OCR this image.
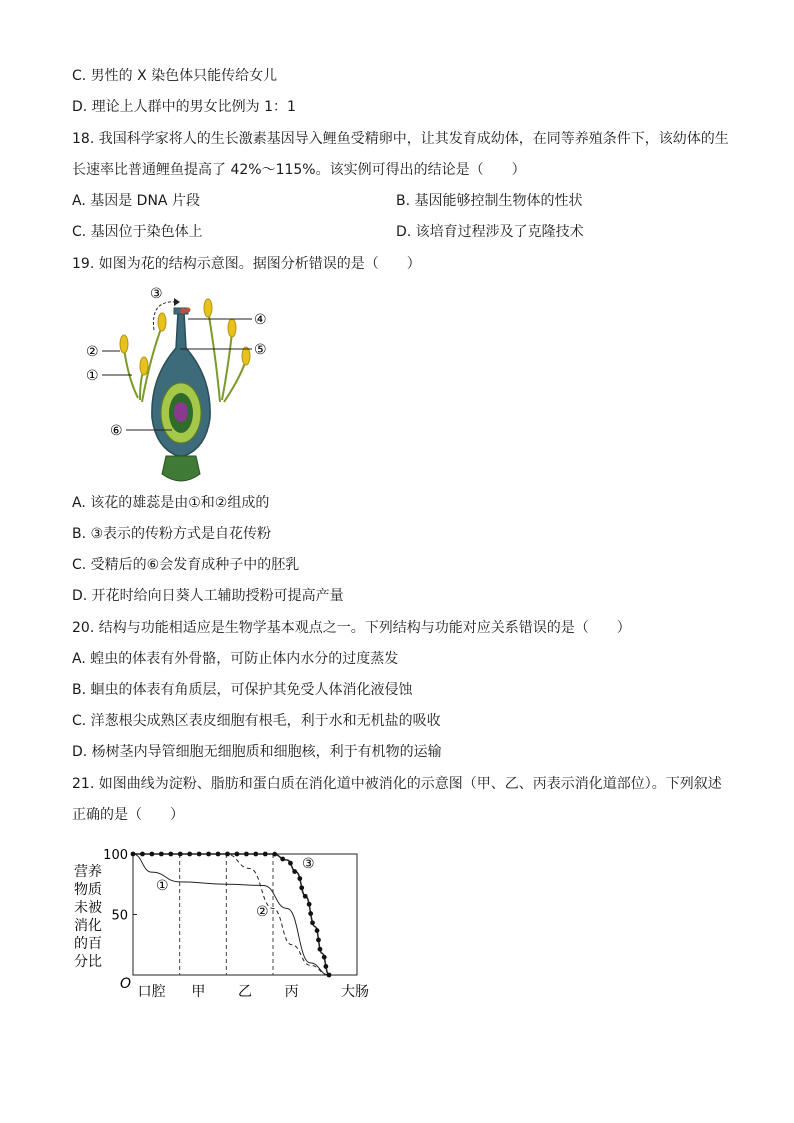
C. 男性的 X 染色体只能传给女儿
D. 理论上人群中的男女比例为 1：1
18. 我国科学家将人的生长激素基因导入鲤鱼受精卵中，让其发育成幼体，在同等养殖条件下，该幼体的生
长速率比普通鲤鱼提高了 42%～115%。该实例可得出的结论是（　　）
A. 基因是 DNA 片段	B. 基因能够控制生物体的性状
C. 基因位于染色体上	D. 该培育过程涉及了克隆技术
19. 如图为花的结构示意图。据图分析错误的是（　　）
②
①
③
④
⑤
⑥
A. 该花的雄蕊是由①和②组成的
B. ③表示的传粉方式是自花传粉
C. 受精后的⑥会发育成种子中的胚乳
D. 开花时给向日葵人工辅助授粉可提高产量
20. 结构与功能相适应是生物学基本观点之一。下列结构与功能对应关系错误的是（　　）
A. 蝗虫的体表有外骨骼，可防止体内水分的过度蒸发
B. 蛔虫的体表有角质层，可保护其免受人体消化液侵蚀
C. 洋葱根尖成熟区表皮细胞有根毛，利于水和无机盐的吸收
D. 杨树茎内导管细胞无细胞质和细胞核，利于有机物的运输
21. 如图曲线为淀粉、脂肪和蛋白质在消化道中被消化的示意图（甲、乙、丙表示消化道部位）。下列叙述
正确的是（　　）
营养
物质
未被
消化
的百
分比
100
50
①
②
③
口腔 甲 乙 丙	大肠
O
